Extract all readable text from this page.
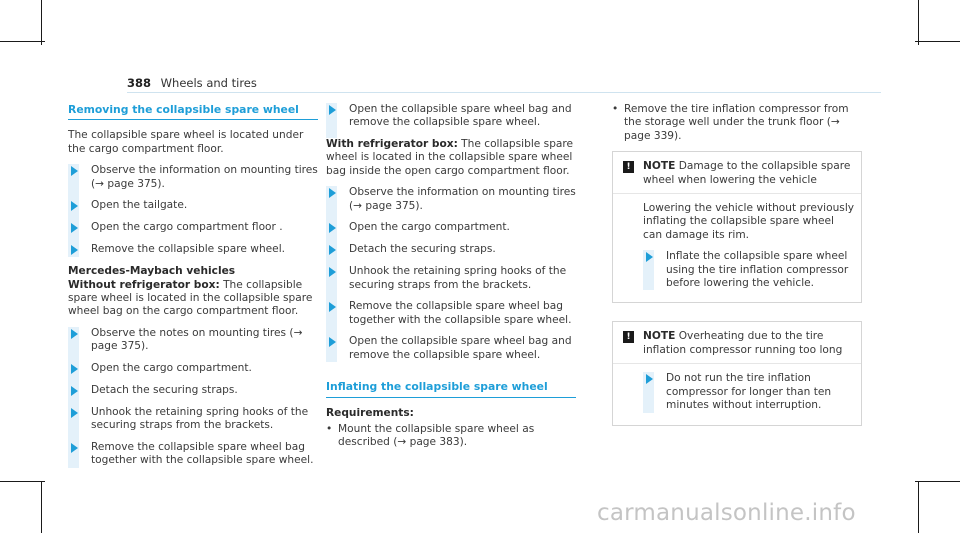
388 Wheels and tires
Removing the collapsible spare wheel

The collapsible spare wheel is located under the cargo compartment floor.

Observe the information on mounting tires (→ page 375).
Open the tailgate.
Open the cargo compartment floor .
Remove the collapsible spare wheel.
Mercedes-Maybach vehicles

Without refrigerator box: The collapsible spare wheel is located in the collapsible spare wheel bag on the cargo compartment floor.

Observe the notes on mounting tires (→ page 375).
Open the cargo compartment.
Detach the securing straps.
Unhook the retaining spring hooks of the securing straps from the brackets.
Remove the collapsible spare wheel bag together with the collapsible spare wheel.
Open the collapsible spare wheel bag and remove the collapsible spare wheel.

With refrigerator box: The collapsible spare wheel is located in the collapsible spare wheel bag inside the open cargo compartment floor.

Observe the information on mounting tires (→ page 375).
Open the cargo compartment.
Detach the securing straps.
Unhook the retaining spring hooks of the securing straps from the brackets.
Remove the collapsible spare wheel bag together with the collapsible spare wheel.
Open the collapsible spare wheel bag and remove the collapsible spare wheel.
Inflating the collapsible spare wheel
Requirements:
• Mount the collapsible spare wheel as described (→ page 383).
• Remove the tire inflation compressor from the storage well under the trunk floor (→ page 339).
!	NOTE Damage to the collapsible spare wheel when lowering the vehicle

Lowering the vehicle without previously inflating the collapsible spare wheel can damage its rim.

Inflate the collapsible spare wheel using the tire inflation compressor before lowering the vehicle.
!	NOTE Overheating due to the tire inflation compressor running too long
Do not run the tire inflation compressor for longer than ten minutes without interruption.
carmanualsonline.info
